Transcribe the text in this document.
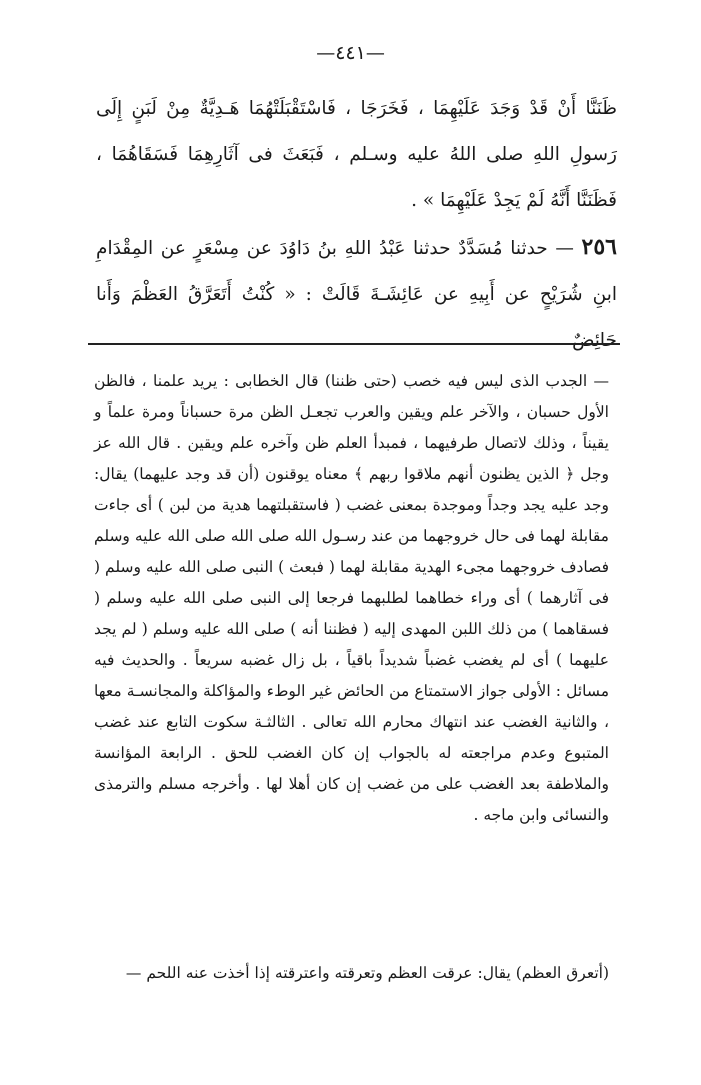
—٤٤١—

ظَنَنَّا أَنْ قَدْ وَجَدَ عَلَيْهِمَا ، فَخَرَجَا ، فَاسْتَقْبَلَتْهُمَا هَـدِيَّةٌ مِنْ لَبَنٍ إِلَى رَسولِ اللهِ صلى اللهُ عليه وسـلم ، فَبَعَثَ فى آثَارِهِمَا فَسَقَاهُمَا ، فَظَنَنَّا أَنَّهُ لَمْ يَجِدْ عَلَيْهِمَا » .

٢٥٦ — حدثنا مُسَدَّدٌ حدثنا عَبْدُ اللهِ بنُ دَاوُدَ عن مِسْعَرٍ عن المِقْدَامِ ابنِ شُرَيْحٍ عن أَبِيهِ عن عَائِشَـةَ قَالَتْ : « كُنْتُ أَتَعَرَّقُ العَظْمَ وَأَنا حَائِضٌ

— الجدب الذى ليس فيه خصب (حتى ظننا) قال الخطابى : يريد علمنا ، فالظن الأول حسبان ، والآخر علم ويقين والعرب تجعـل الظن مرة حسباناً ومرة علماً و يقيناً ، وذلك لاتصال طرفيهما ، فمبدأ العلم ظن وآخره علم ويقين . قال الله عز وجل ﴿ الذين يظنون أنهم ملاقوا ربهم ﴾ معناه يوقنون (أن قد وجد عليهما) يقال: وجد عليه يجد وجداً وموجدة بمعنى غضب ( فاستقبلتهما هدية من لبن ) أى جاءت مقابلة لهما فى حال خروجهما من عند رسـول الله صلى الله صلى الله عليه وسلم فصادف خروجهما مجىء الهدية مقابلة لهما ( فبعث ) النبى صلى الله عليه وسلم ( فى آثارهما ) أى وراء خطاهما لطلبهما فرجعا إلى النبى صلى الله عليه وسلم ( فسقاهما ) من ذلك اللبن المهدى إليه ( فظننا أنه ) صلى الله عليه وسلم ( لم يجد عليهما ) أى لم يغضب غضباً شديداً باقياً ، بل زال غضبه سريعاً . والحديث فيه مسائل : الأولى جواز الاستمتاع من الحائض غير الوطء والمؤاكلة والمجانسـة معها ، والثانية الغضب عند انتهاك محارم الله تعالى . الثالثـة سكوت التابع عند غضب المتبوع وعدم مراجعته له بالجواب إن كان الغضب للحق . الرابعة المؤانسة والملاطفة بعد الغضب على من غضب إن كان أهلا لها . وأخرجه مسلم والترمذى والنسائى وابن ماجه .

(أتعرق العظم) يقال: عرقت العظم وتعرقته واعترقته إذا أخذت عنه اللحم —
